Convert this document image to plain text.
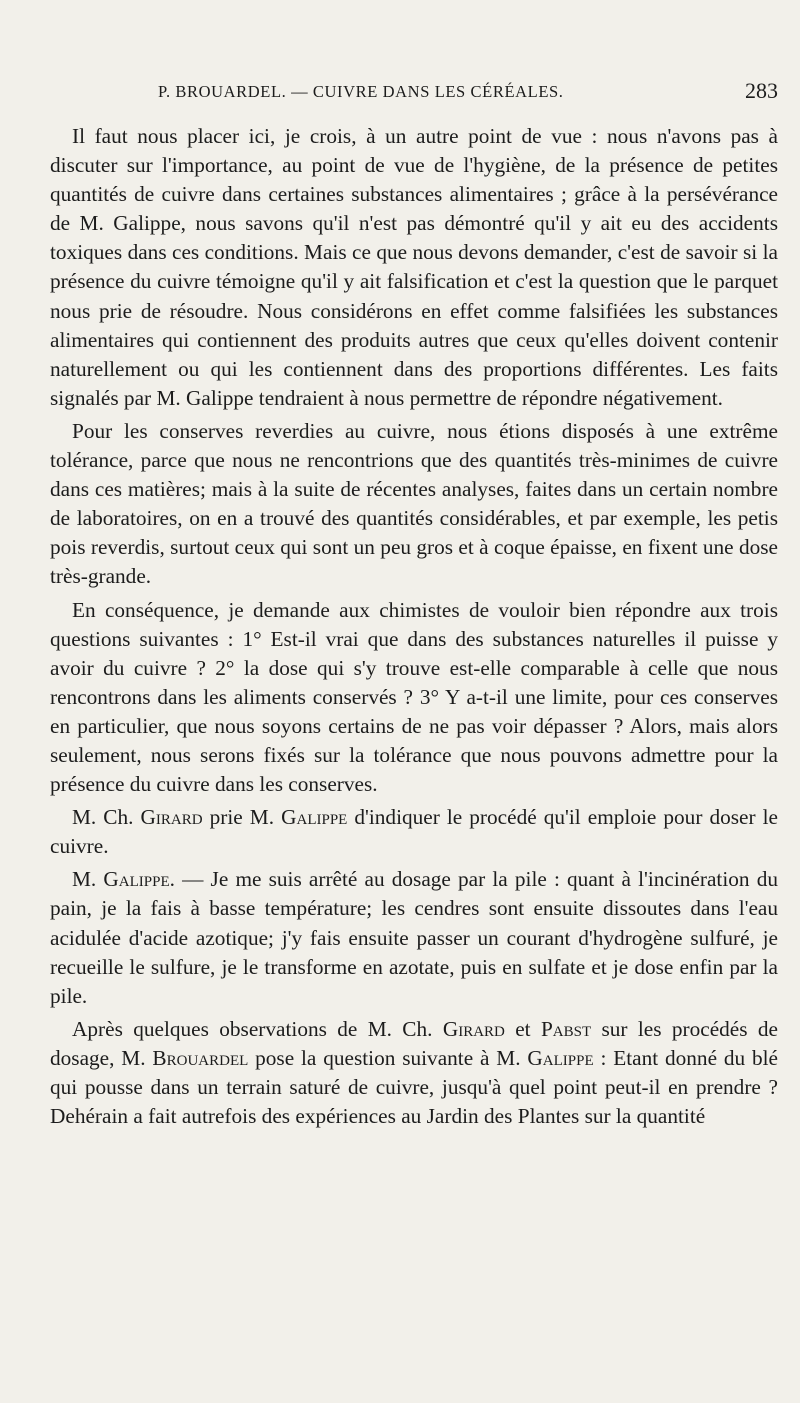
P. BROUARDEL. — CUIVRE DANS LES CÉRÉALES.	283

Il faut nous placer ici, je crois, à un autre point de vue : nous n'avons pas à discuter sur l'importance, au point de vue de l'hygiène, de la présence de petites quantités de cuivre dans certaines substances alimentaires ; grâce à la persévérance de M. Galippe, nous savons qu'il n'est pas démontré qu'il y ait eu des accidents toxiques dans ces conditions. Mais ce que nous devons demander, c'est de savoir si la présence du cuivre témoigne qu'il y ait falsification et c'est la question que le parquet nous prie de résoudre. Nous considérons en effet comme falsifiées les substances alimentaires qui contiennent des produits autres que ceux qu'elles doivent contenir naturellement ou qui les contiennent dans des proportions différentes. Les faits signalés par M. Galippe tendraient à nous permettre de répondre négativement.

Pour les conserves reverdies au cuivre, nous étions disposés à une extrême tolérance, parce que nous ne rencontrions que des quantités très-minimes de cuivre dans ces matières; mais à la suite de récentes analyses, faites dans un certain nombre de laboratoires, on en a trouvé des quantités considérables, et par exemple, les petis pois reverdis, surtout ceux qui sont un peu gros et à coque épaisse, en fixent une dose très-grande.

En conséquence, je demande aux chimistes de vouloir bien répondre aux trois questions suivantes : 1° Est-il vrai que dans des substances naturelles il puisse y avoir du cuivre ? 2° la dose qui s'y trouve est-elle comparable à celle que nous rencontrons dans les aliments conservés ? 3° Y a-t-il une limite, pour ces conserves en particulier, que nous soyons certains de ne pas voir dépasser ? Alors, mais alors seulement, nous serons fixés sur la tolérance que nous pouvons admettre pour la présence du cuivre dans les conserves.

M. Ch. Girard prie M. Galippe d'indiquer le procédé qu'il emploie pour doser le cuivre.

M. Galippe. — Je me suis arrêté au dosage par la pile : quant à l'incinération du pain, je la fais à basse température; les cendres sont ensuite dissoutes dans l'eau acidulée d'acide azotique; j'y fais ensuite passer un courant d'hydrogène sulfuré, je recueille le sulfure, je le transforme en azotate, puis en sulfate et je dose enfin par la pile.

Après quelques observations de M. Ch. Girard et Pabst sur les procédés de dosage, M. Brouardel pose la question suivante à M. Galippe : Etant donné du blé qui pousse dans un terrain saturé de cuivre, jusqu'à quel point peut-il en prendre ? Dehérain a fait autrefois des expériences au Jardin des Plantes sur la quantité
